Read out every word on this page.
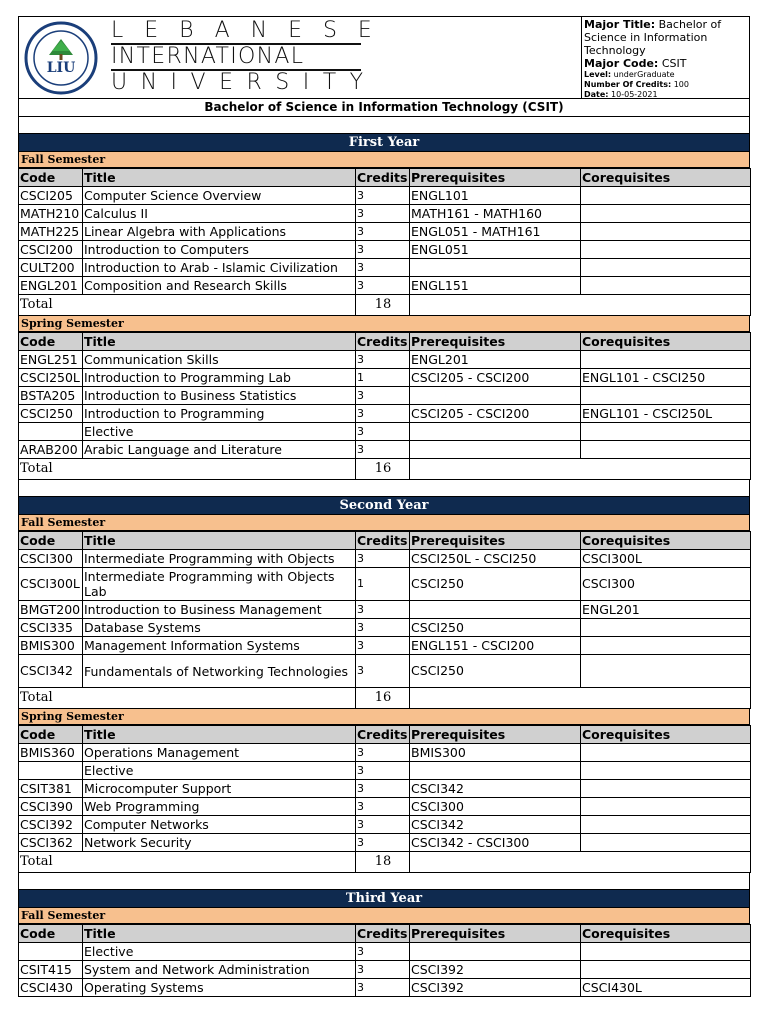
LIU
LEBANESE
INTERNATIONAL
UNIVERSITY
Major Title: Bachelor of Science in Information Technology
Major Code: CSIT
Level: underGraduate
Number Of Credits: 100
Date: 10-05-2021
Bachelor of Science in Information Technology (CSIT)
First Year
Fall Semester
Code	Title	Credits	Prerequisites	Corequisites
CSCI205	Computer Science Overview	3	ENGL101	
MATH210	Calculus II	3	MATH161 - MATH160	
MATH225	Linear Algebra with Applications	3	ENGL051 - MATH161	
CSCI200	Introduction to Computers	3	ENGL051	
CULT200	Introduction to Arab - Islamic Civilization	3		
ENGL201	Composition and Research Skills	3	ENGL151	
Total		18		
Spring Semester
Code	Title	Credits	Prerequisites	Corequisites
ENGL251	Communication Skills	3	ENGL201	
CSCI250L	Introduction to Programming Lab	1	CSCI205 - CSCI200	ENGL101 - CSCI250
BSTA205	Introduction to Business Statistics	3		
CSCI250	Introduction to Programming	3	CSCI205 - CSCI200	ENGL101 - CSCI250L
	Elective	3		
ARAB200	Arabic Language and Literature	3		
Total		16		
Second Year
Fall Semester
Code	Title	Credits	Prerequisites	Corequisites
CSCI300	Intermediate Programming with Objects	3	CSCI250L - CSCI250	CSCI300L
CSCI300L	Intermediate Programming with Objects Lab	1	CSCI250	CSCI300
BMGT200	Introduction to Business Management	3		ENGL201
CSCI335	Database Systems	3	CSCI250	
BMIS300	Management Information Systems	3	ENGL151 - CSCI200	
CSCI342	Fundamentals of Networking Technologies	3	CSCI250	
Total		16		
Spring Semester
Code	Title	Credits	Prerequisites	Corequisites
BMIS360	Operations Management	3	BMIS300	
	Elective	3		
CSIT381	Microcomputer Support	3	CSCI342	
CSCI390	Web Programming	3	CSCI300	
CSCI392	Computer Networks	3	CSCI342	
CSCI362	Network Security	3	CSCI342 - CSCI300	
Total		18		
Third Year
Fall Semester
Code	Title	Credits	Prerequisites	Corequisites
	Elective	3		
CSIT415	System and Network Administration	3	CSCI392	
CSCI430	Operating Systems	3	CSCI392	CSCI430L
